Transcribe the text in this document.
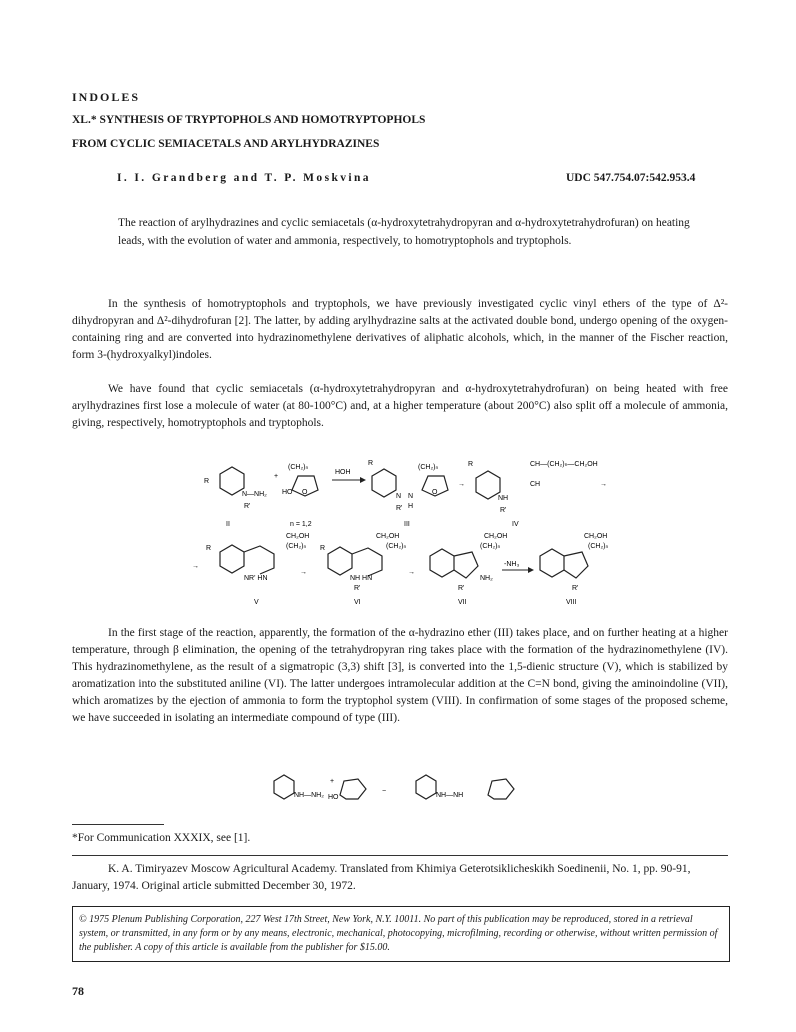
INDOLES
XL.* SYNTHESIS OF TRYPTOPHOLS AND HOMOTRYPTOPHOLS
FROM CYCLIC SEMIACETALS AND ARYLHYDRAZINES
I. I. Grandberg and T. P. Moskvina	UDC 547.754.07:542.953.4
The reaction of arylhydrazines and cyclic semiacetals (α-hydroxytetrahydropyran and α-hydroxytetrahydrofuran) on heating leads, with the evolution of water and ammonia, respectively, to homotryptophols and tryptophols.
In the synthesis of homotryptophols and tryptophols, we have previously investigated cyclic vinyl ethers of the type of Δ²-dihydropyran and Δ²-dihydrofuran [2]. The latter, by adding arylhydrazine salts at the activated double bond, undergo opening of the oxygen-containing ring and are converted into hydrazinomethylene derivatives of aliphatic alcohols, which, in the manner of the Fischer reaction, form 3-(hydroxyalkyl)indoles.
We have found that cyclic semiacetals (α-hydroxytetrahydropyran and α-hydroxytetrahydrofuran) on being heated with free arylhydrazines first lose a molecule of water (at 80-100°C) and, at a higher temperature (about 200°C) also split off a molecule of ammonia, giving, respectively, homotryptophols and tryptophols.
R
N—NH₂
R'
+
(CH₂)ₙ
HO O
HOH
R
(CH₂)ₙ
N N
H
R'
O
→
R	CH—(CH₂)ₙ—CH₂OH
CH
NH
R'
→
II	n = 1,2	III	IV
→
R
CH₂OH
(CH₂)ₙ
NR' HN
→
R
CH₂OH
(CH₂)ₙ
NH HN
R'
→
CH₂OH
(CH₂)ₙ
NH₂
R'
-NH₃
CH₂OH
(CH₂)ₙ
R'
V	VI	VII	VIII
In the first stage of the reaction, apparently, the formation of the α-hydrazino ether (III) takes place, and on further heating at a higher temperature, through β elimination, the opening of the tetrahydropyran ring takes place with the formation of the hydrazinomethylene (IV). This hydrazinomethylene, as the result of a sigmatropic (3,3) shift [3], is converted into the 1,5-dienic structure (V), which is stabilized by aromatization into the substituted aniline (VI). The latter undergoes intramolecular addition at the C=N bond, giving the aminoindoline (VII), which aromatizes by the ejection of ammonia to form the tryptophol system (VIII). In confirmation of some stages of the proposed scheme, we have succeeded in isolating an intermediate compound of type (III).
NH—NH₂
+
HO
−
NH—NH
*For Communication XXXIX, see [1].
K. A. Timiryazev Moscow Agricultural Academy. Translated from Khimiya Geterotsiklicheskikh Soedinenii, No. 1, pp. 90-91, January, 1974. Original article submitted December 30, 1972.
© 1975 Plenum Publishing Corporation, 227 West 17th Street, New York, N.Y. 10011. No part of this publication may be reproduced, stored in a retrieval system, or transmitted, in any form or by any means, electronic, mechanical, photocopying, microfilming, recording or otherwise, without written permission of the publisher. A copy of this article is available from the publisher for $15.00.
78
